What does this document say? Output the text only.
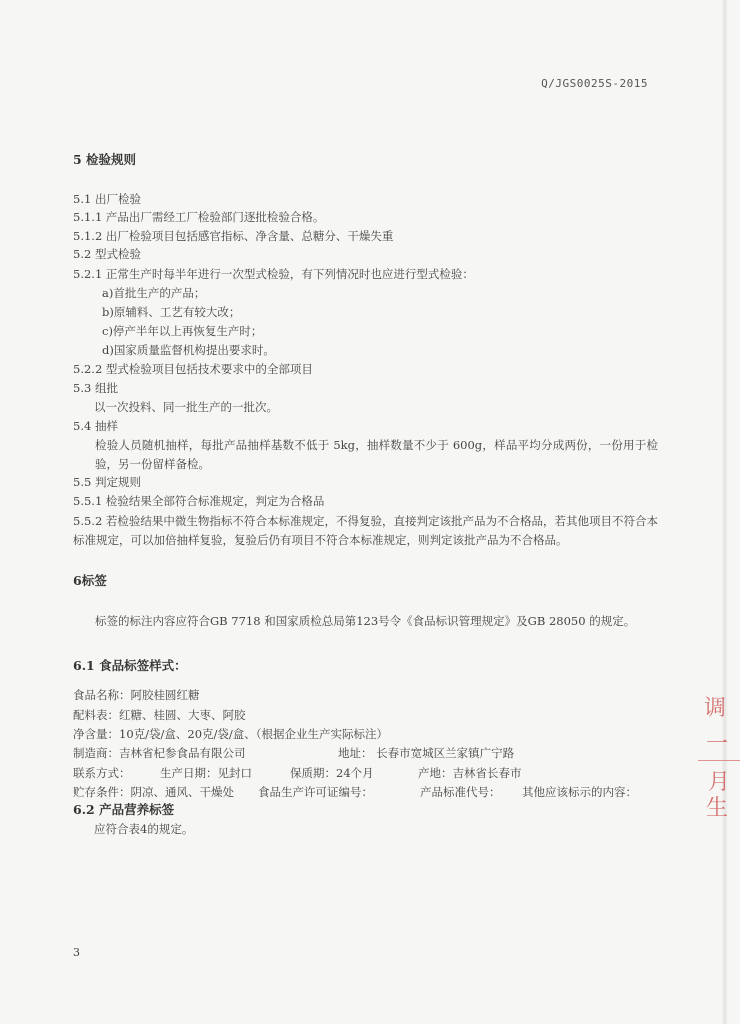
Q/JGS0025S-2015
5 检验规则
5.1 出厂检验
5.1.1 产品出厂需经工厂检验部门逐批检验合格。
5.1.2 出厂检验项目包括感官指标、净含量、总糖分、干燥失重
5.2 型式检验
5.2.1 正常生产时每半年进行一次型式检验，有下列情况时也应进行型式检验：
a)首批生产的产品；
b)原辅料、工艺有较大改；
c)停产半年以上再恢复生产时；
d)国家质量监督机构提出要求时。
5.2.2 型式检验项目包括技术要求中的全部项目
5.3 组批
以一次投料、同一批生产的一批次。
5.4 抽样
检验人员随机抽样，每批产品抽样基数不低于 5kg，抽样数量不少于 600g，样品平均分成两份，一份用于检验，另一份留样备检。
5.5 判定规则
5.5.1 检验结果全部符合标准规定，判定为合格品
5.5.2 若检验结果中微生物指标不符合本标准规定，不得复验，直接判定该批产品为不合格品，若其他项目不符合本标准规定，可以加倍抽样复验，复验后仍有项目不符合本标准规定，则判定该批产品为不合格品。
6标签
标签的标注内容应符合GB 7718 和国家质检总局第123号令《食品标识管理规定》及GB 28050 的规定。
6.1 食品标签样式：
食品名称：阿胶桂圆红糖
配料表：红糖、桂圆、大枣、阿胶
净含量：10克/袋/盒、20克/袋/盒、（根据企业生产实际标注）
制造商：吉林省杞参食品有限公司	地址： 长春市宽城区兰家镇广宁路
联系方式：	生产日期：见封口	保质期：24个月	产地：吉林省长春市
贮存条件：阴凉、通风、干燥处 食品生产许可证编号：	产品标准代号： 其他应该标示的内容：
6.2 产品营养标签
应符合表4的规定。
3
调
一
月
生
